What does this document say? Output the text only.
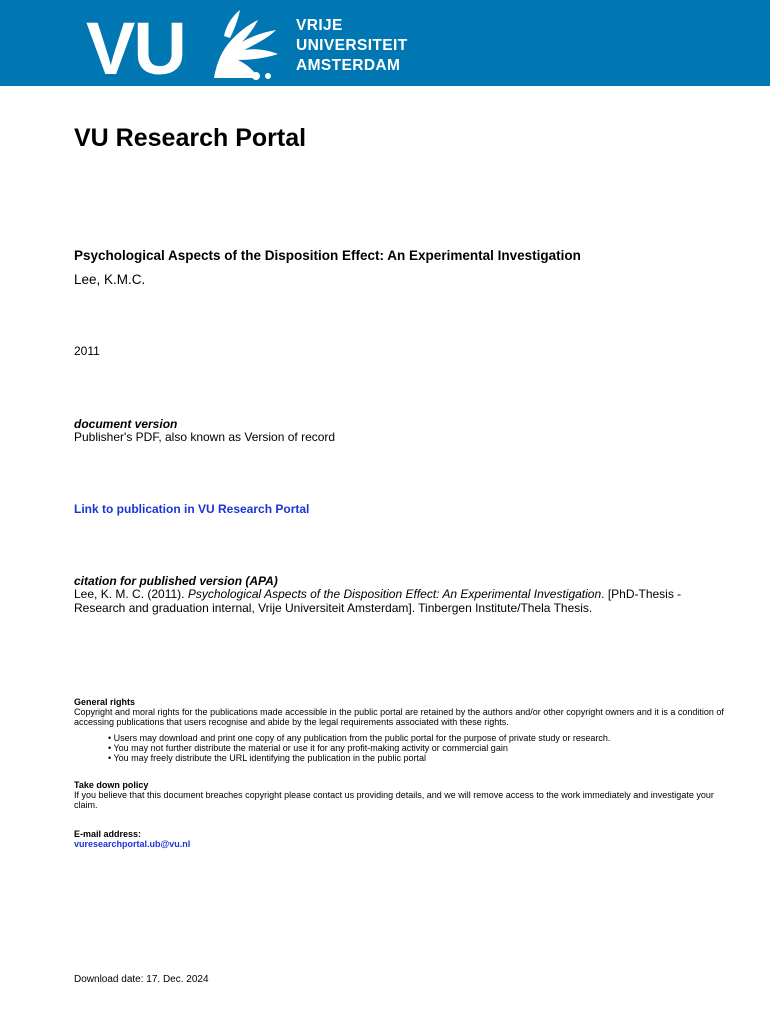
VU	VRIJE
UNIVERSITEIT
AMSTERDAM
VU Research Portal
Psychological Aspects of the Disposition Effect: An Experimental Investigation
Lee, K.M.C.
2011
document version
Publisher's PDF, also known as Version of record
Link to publication in VU Research Portal
citation for published version (APA)
Lee, K. M. C. (2011). Psychological Aspects of the Disposition Effect: An Experimental Investigation. [PhD-Thesis - Research and graduation internal, Vrije Universiteit Amsterdam]. Tinbergen Institute/Thela Thesis.
General rights
Copyright and moral rights for the publications made accessible in the public portal are retained by the authors and/or other copyright owners and it is a condition of accessing publications that users recognise and abide by the legal requirements associated with these rights.
• Users may download and print one copy of any publication from the public portal for the purpose of private study or research.
• You may not further distribute the material or use it for any profit-making activity or commercial gain
• You may freely distribute the URL identifying the publication in the public portal
Take down policy
If you believe that this document breaches copyright please contact us providing details, and we will remove access to the work immediately and investigate your claim.
E-mail address:
vuresearchportal.ub@vu.nl
Download date: 17. Dec. 2024
